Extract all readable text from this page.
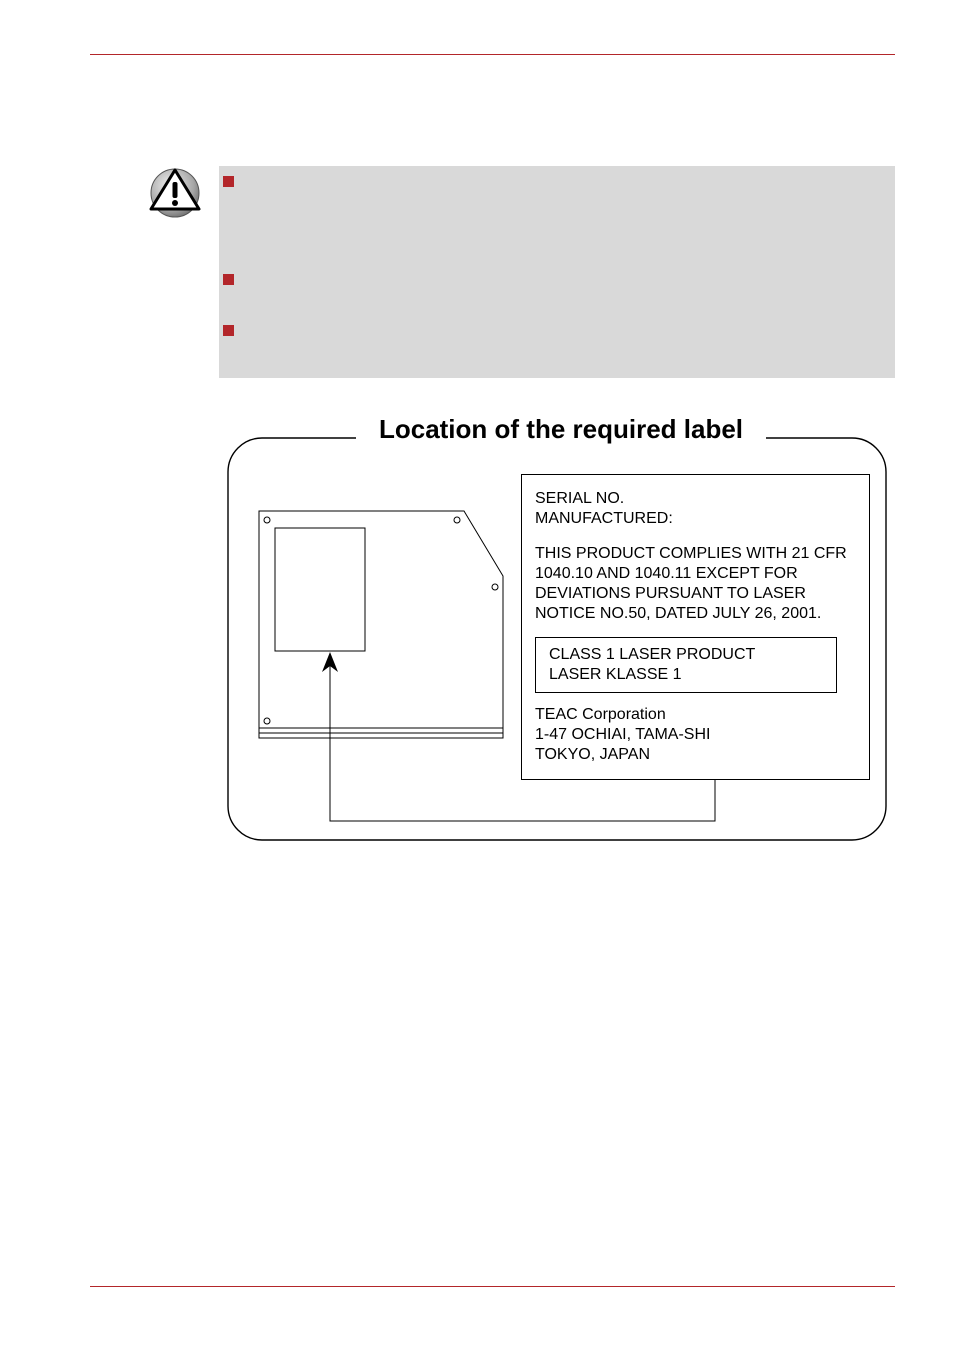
Location of the required label
SERIAL NO.
MANUFACTURED:
THIS PRODUCT COMPLIES WITH 21 CFR
1040.10 AND 1040.11 EXCEPT FOR
DEVIATIONS PURSUANT TO LASER
NOTICE NO.50, DATED JULY 26, 2001.
CLASS 1 LASER PRODUCT
LASER KLASSE 1
TEAC Corporation
1-47 OCHIAI, TAMA-SHI
TOKYO, JAPAN
